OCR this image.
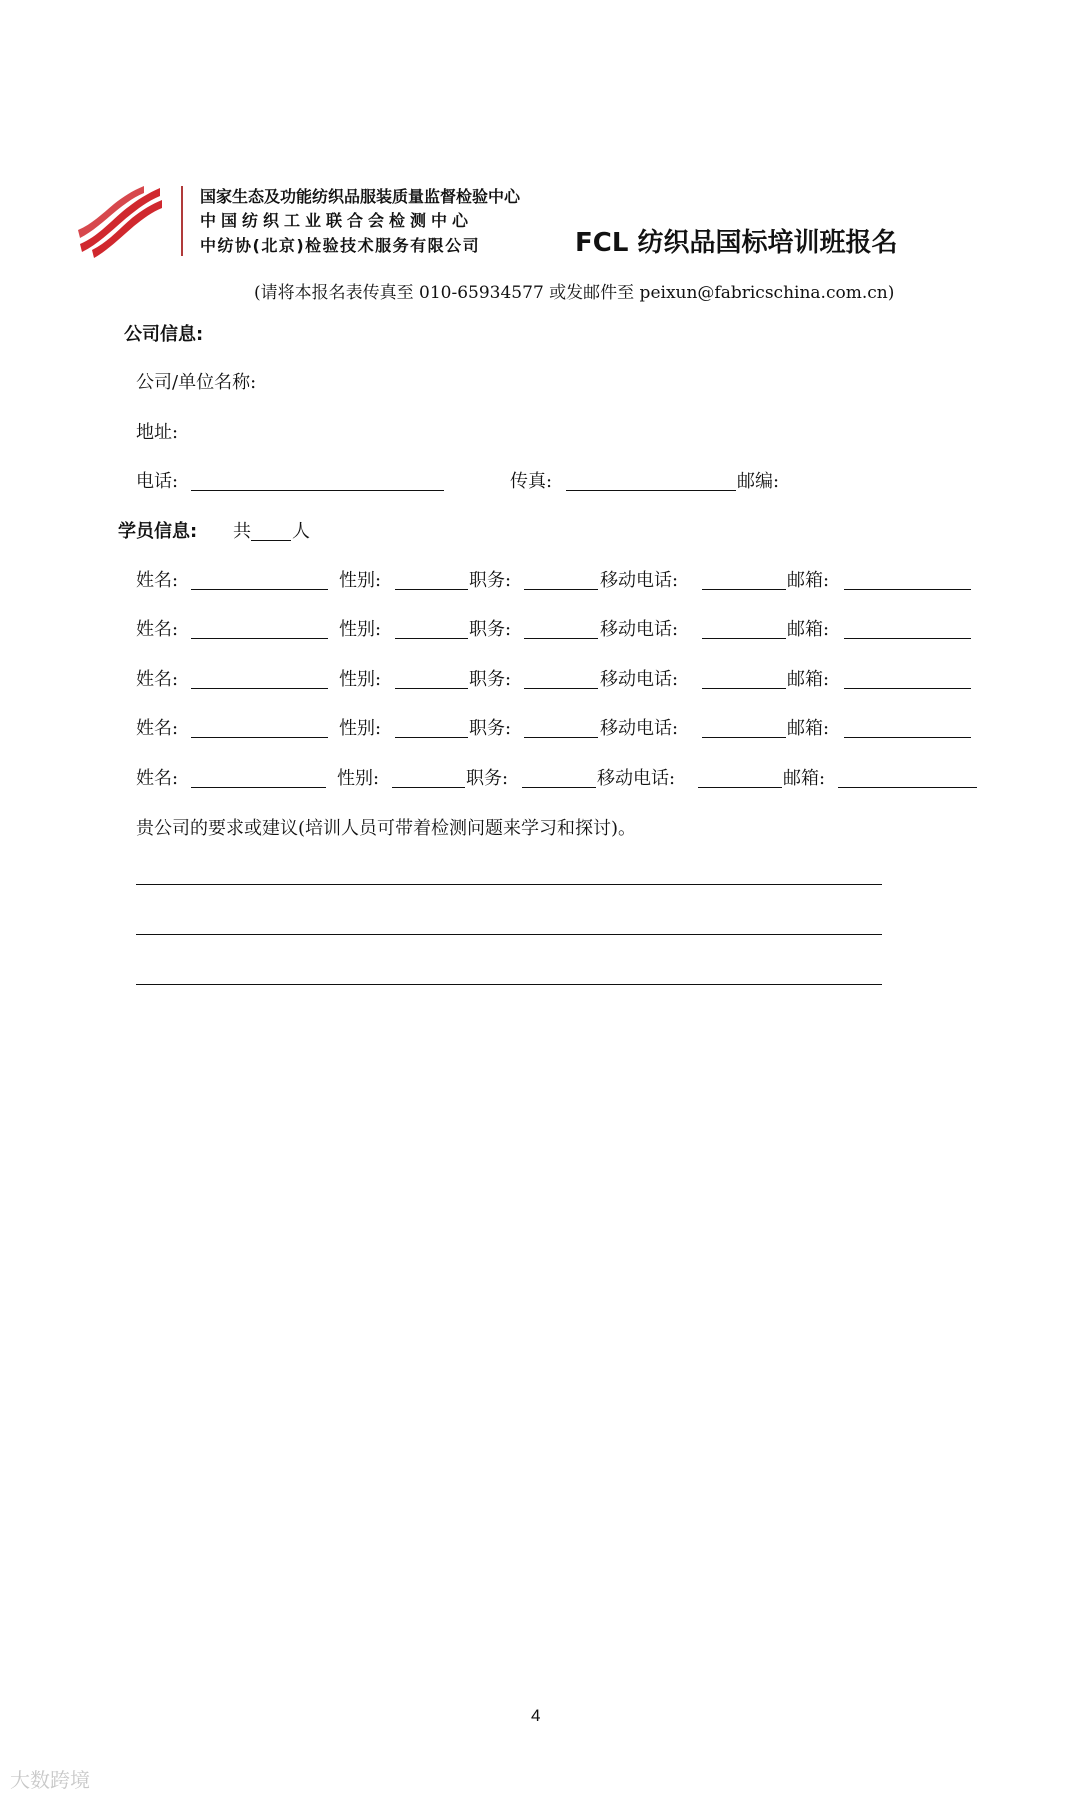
国家生态及功能纺织品服装质量监督检验中心
中国纺织工业联合会检测中心
中纺协(北京)检验技术服务有限公司	FCL 纺织品国标培训班报名
(请将本报名表传真至 010-65934577 或发邮件至 peixun@fabricschina.com.cn)
公司信息:
公司/单位名称:
地址:
电话:	传真:	邮编:
学员信息: 共 人
姓名:	性别:	职务:	移动电话:	邮箱:
姓名:	性别:	职务:	移动电话:	邮箱:
姓名:	性别:	职务:	移动电话:	邮箱:
姓名:	性别:	职务:	移动电话:	邮箱:
姓名:	性别:	职务:	移动电话:	邮箱:
贵公司的要求或建议(培训人员可带着检测问题来学习和探讨)。
4
大数跨境
